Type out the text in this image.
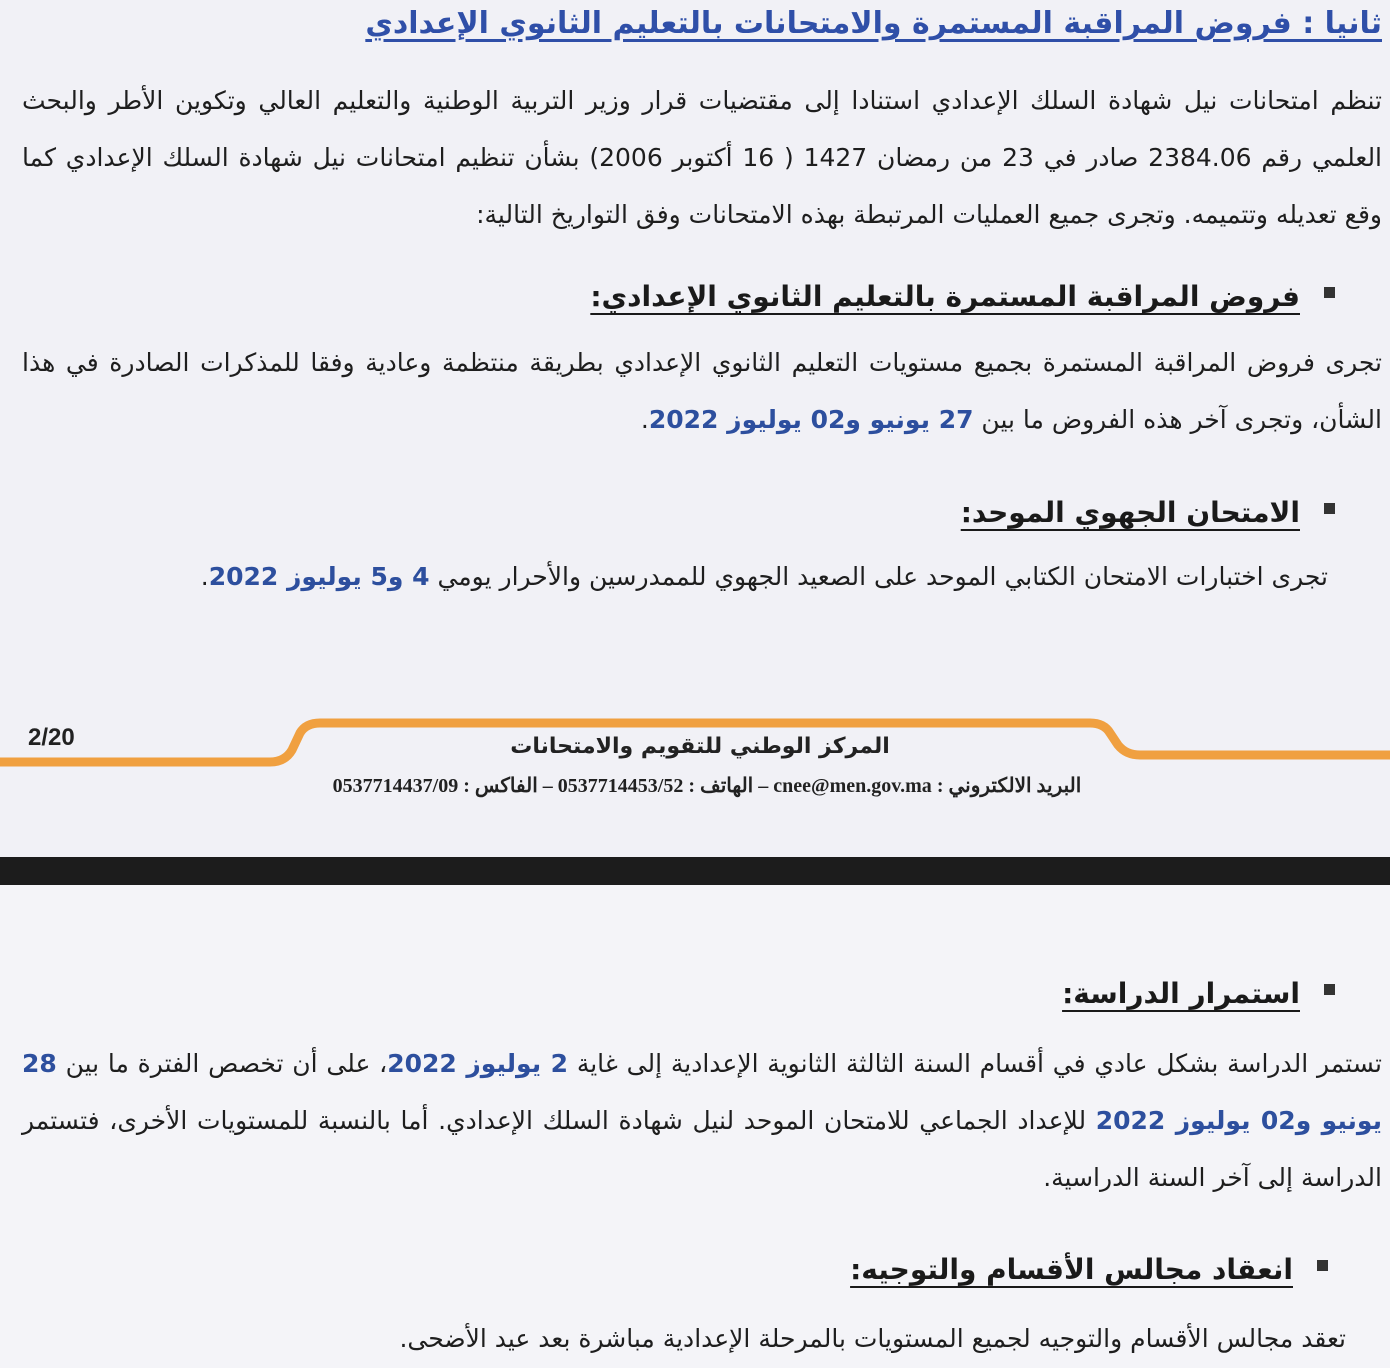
ثانيا : فروض المراقبة المستمرة والامتحانات بالتعليم الثانوي الإعدادي

تنظم امتحانات نيل شهادة السلك الإعدادي استنادا إلى مقتضيات قرار وزير التربية الوطنية والتعليم العالي وتكوين الأطر والبحث العلمي رقم 2384.06 صادر في 23 من رمضان 1427 ( 16 أكتوبر 2006) بشأن تنظيم امتحانات نيل شهادة السلك الإعدادي كما وقع تعديله وتتميمه. وتجرى جميع العمليات المرتبطة بهذه الامتحانات وفق التواريخ التالية:

فروض المراقبة المستمرة بالتعليم الثانوي الإعدادي:

تجرى فروض المراقبة المستمرة بجميع مستويات التعليم الثانوي الإعدادي بطريقة منتظمة وعادية وفقا للمذكرات الصادرة في هذا الشأن، وتجرى آخر هذه الفروض ما بين 27 يونيو و02 يوليوز 2022.

الامتحان الجهوي الموحد:

تجرى اختبارات الامتحان الكتابي الموحد على الصعيد الجهوي للممدرسين والأحرار يومي 4 و5 يوليوز 2022.

2/20	المركز الوطني للتقويم والامتحانات
البريد الالكتروني : cnee@men.gov.ma – الهاتف : 0537714453/52 – الفاكس : 0537714437/09
استمرار الدراسة:

تستمر الدراسة بشكل عادي في أقسام السنة الثالثة الثانوية الإعدادية إلى غاية 2 يوليوز 2022، على أن تخصص الفترة ما بين 28 يونيو و02 يوليوز 2022 للإعداد الجماعي للامتحان الموحد لنيل شهادة السلك الإعدادي. أما بالنسبة للمستويات الأخرى، فتستمر الدراسة إلى آخر السنة الدراسية.

انعقاد مجالس الأقسام والتوجيه:

تعقد مجالس الأقسام والتوجيه لجميع المستويات بالمرحلة الإعدادية مباشرة بعد عيد الأضحى.
